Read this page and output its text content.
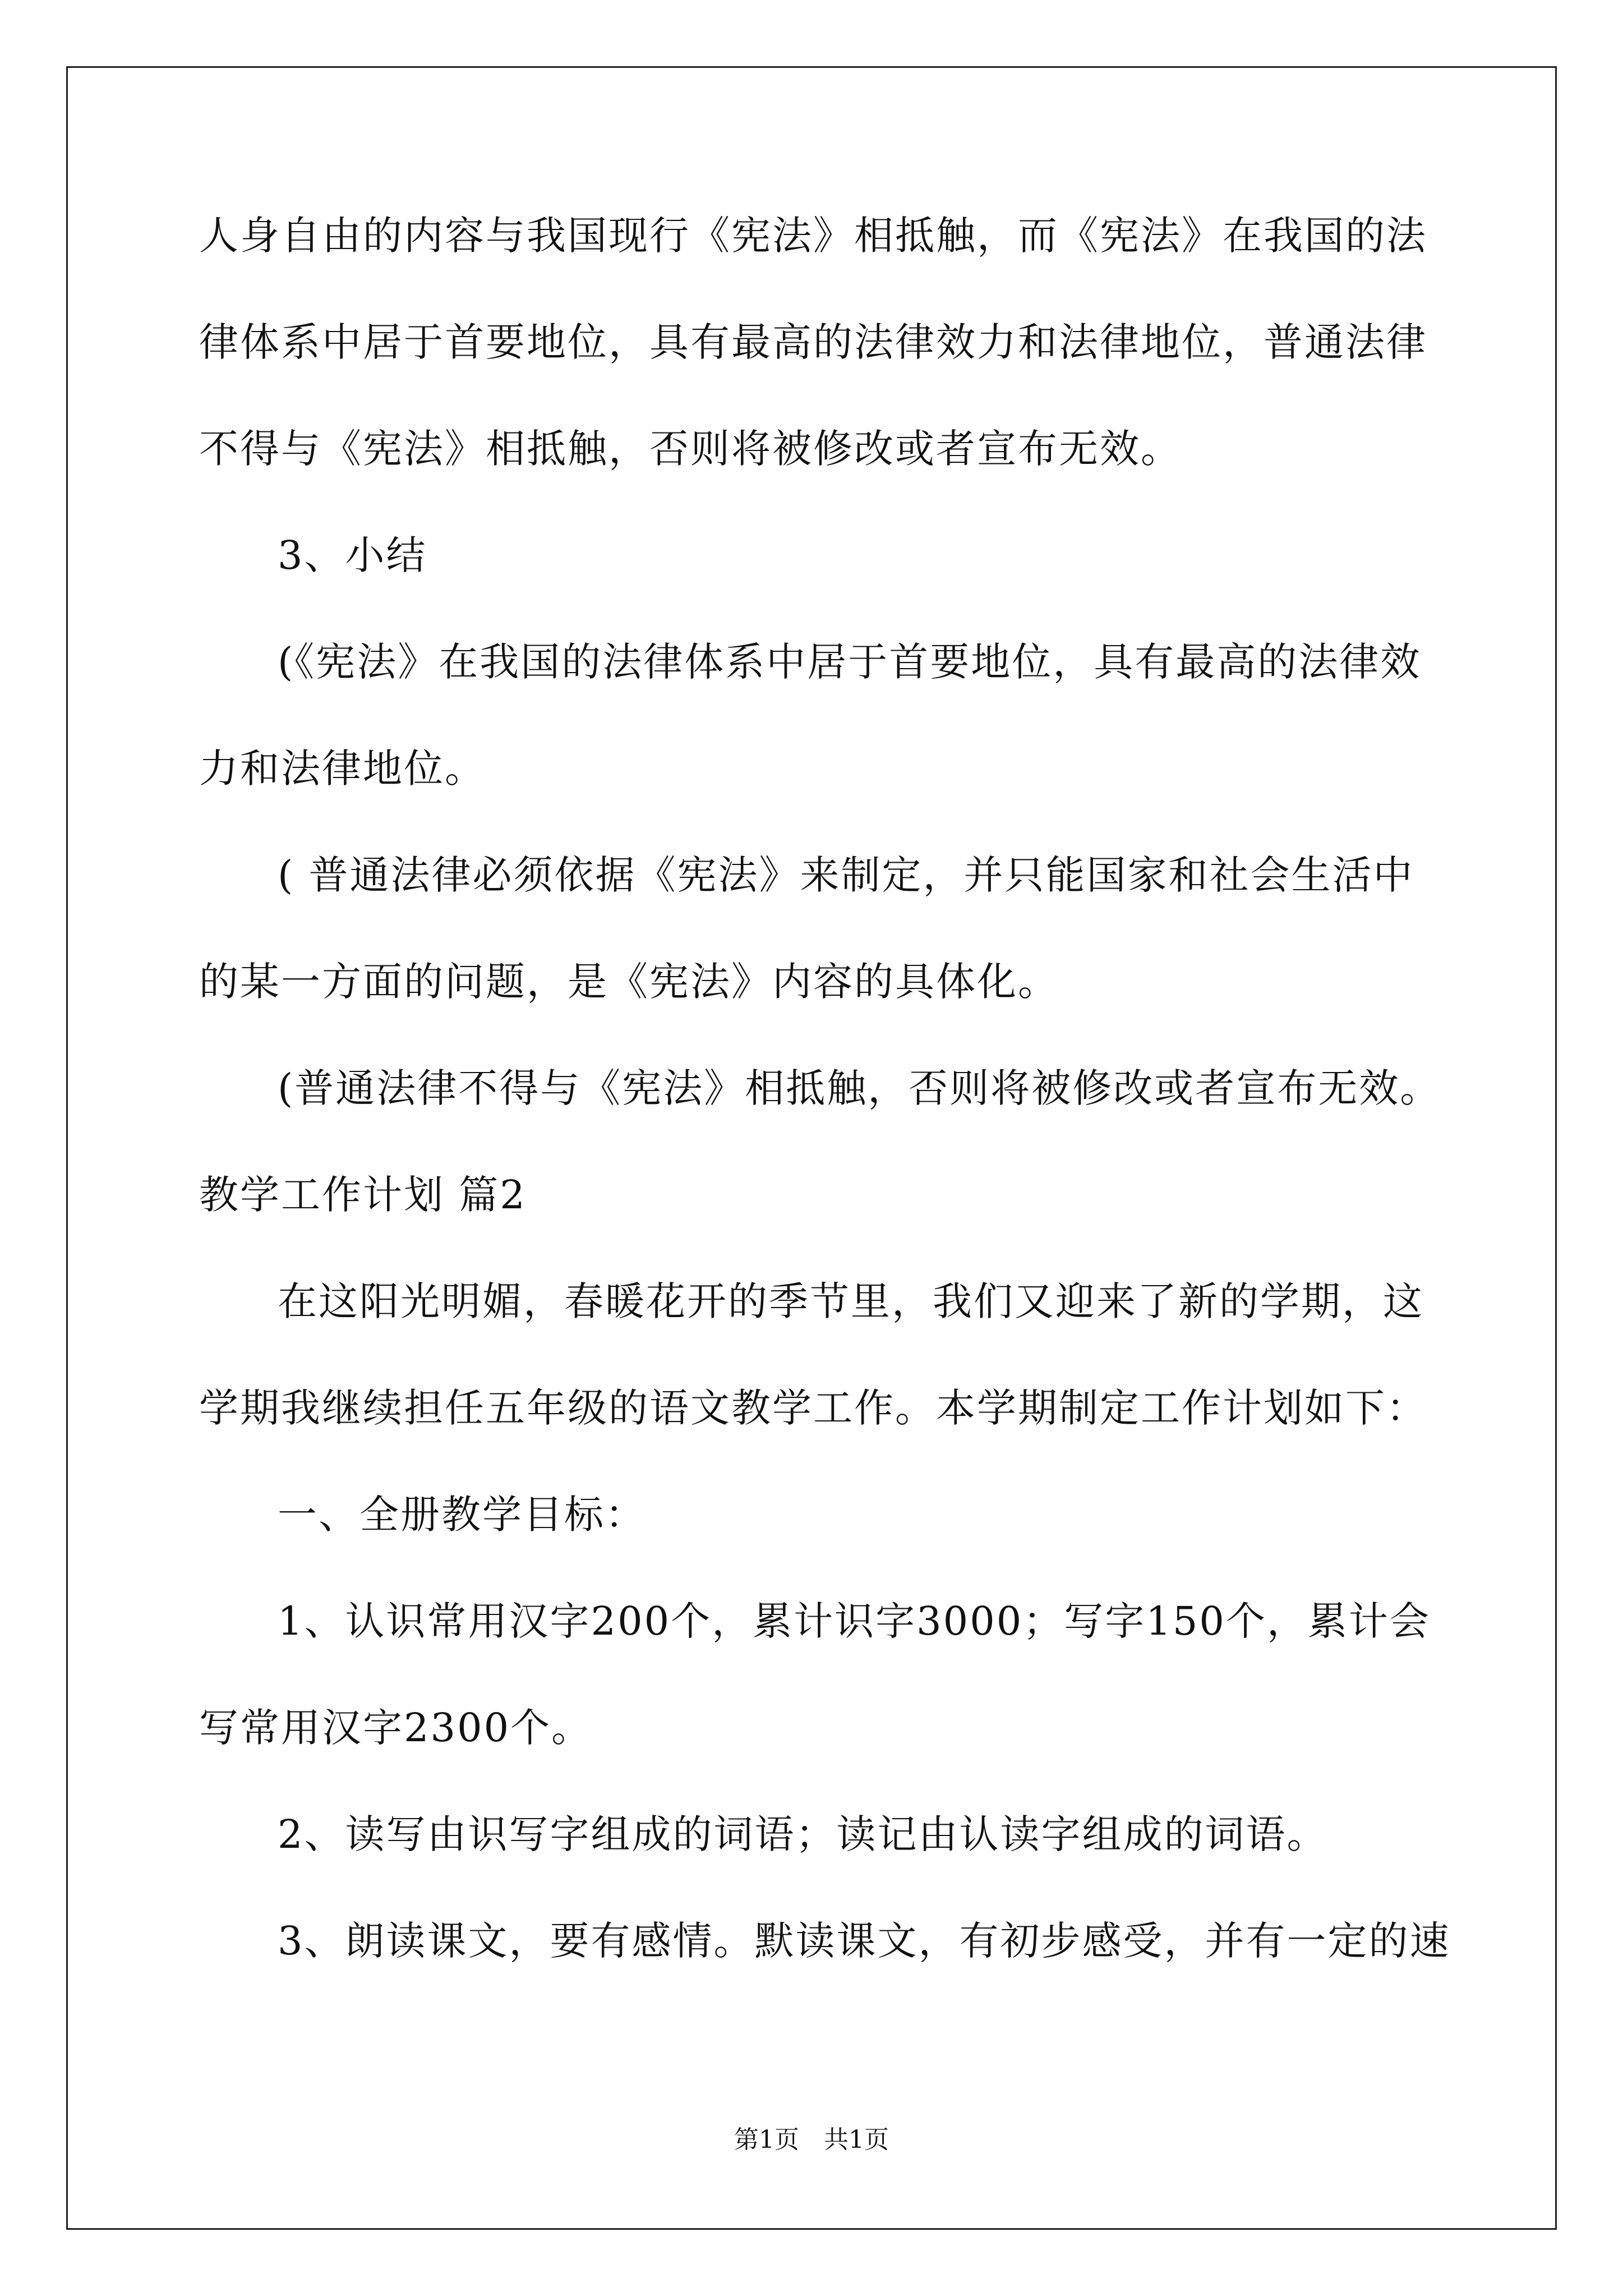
人身自由的内容与我国现行《宪法》相抵触，而《宪法》在我国的法
律体系中居于首要地位，具有最高的法律效力和法律地位，普通法律
不得与《宪法》相抵触，否则将被修改或者宣布无效。
3、小结
(《宪法》在我国的法律体系中居于首要地位，具有最高的法律效
力和法律地位。
( 普通法律必须依据《宪法》来制定，并只能国家和社会生活中
的某一方面的问题，是《宪法》内容的具体化。
(普通法律不得与《宪法》相抵触，否则将被修改或者宣布无效。
教学工作计划 篇2
在这阳光明媚，春暖花开的季节里，我们又迎来了新的学期，这
学期我继续担任五年级的语文教学工作。本学期制定工作计划如下：
一、全册教学目标：
1、认识常用汉字200个，累计识字3000；写字150个，累计会
写常用汉字2300个。
2、读写由识写字组成的词语；读记由认读字组成的词语。
3、朗读课文，要有感情。默读课文，有初步感受，并有一定的速
第1页　共1页
